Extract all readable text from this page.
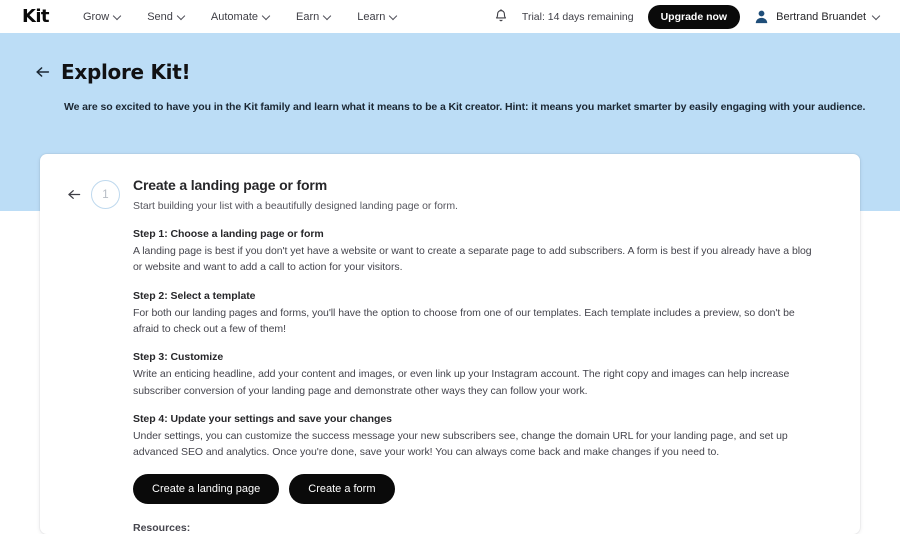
Kit	Grow	Send	Automate	Earn	Learn	Trial: 14 days remaining	Upgrade now	Bertrand Bruandet
Explore Kit!
We are so excited to have you in the Kit family and learn what it means to be a Kit creator. Hint: it means you market smarter by easily engaging with your audience.
1
Create a landing page or form
Start building your list with a beautifully designed landing page or form.
Step 1: Choose a landing page or form
A landing page is best if you don't yet have a website or want to create a separate page to add subscribers. A form is best if you already have a blog or website and want to add a call to action for your visitors.
Step 2: Select a template
For both our landing pages and forms, you'll have the option to choose from one of our templates. Each template includes a preview, so don't be afraid to check out a few of them!
Step 3: Customize
Write an enticing headline, add your content and images, or even link up your Instagram account. The right copy and images can help increase subscriber conversion of your landing page and demonstrate other ways they can follow your work.
Step 4: Update your settings and save your changes
Under settings, you can customize the success message your new subscribers see, change the domain URL for your landing page, and set up advanced SEO and analytics. Once you're done, save your work! You can always come back and make changes if you need to.
Create a landing page	Create a form
Resources:
